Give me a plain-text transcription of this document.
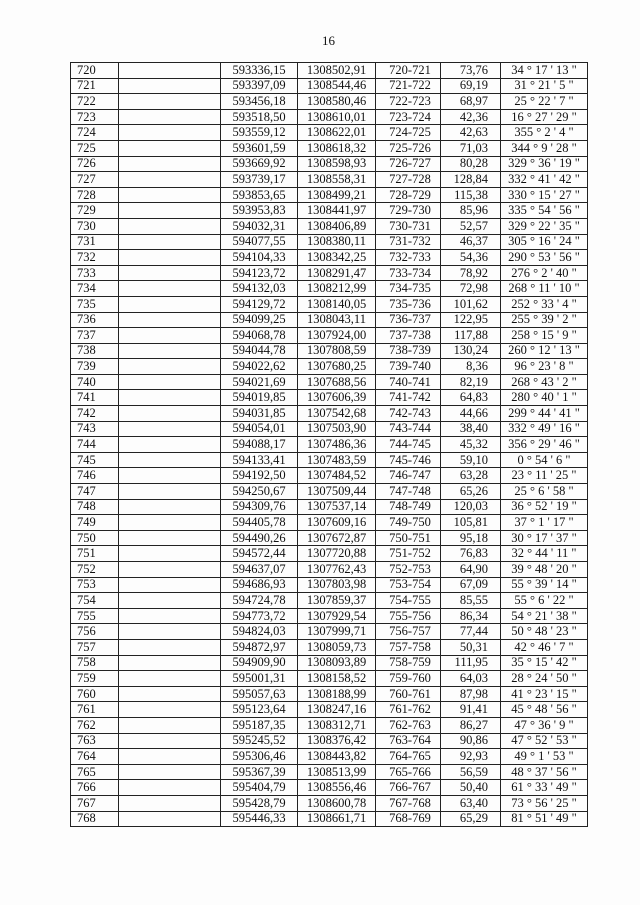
16
720		593336,15	1308502,91	720-721	73,76	34 ° 17 ' 13 "
721		593397,09	1308544,46	721-722	69,19	31 ° 21 ' 5 "
722		593456,18	1308580,46	722-723	68,97	25 ° 22 ' 7 "
723		593518,50	1308610,01	723-724	42,36	16 ° 27 ' 29 "
724		593559,12	1308622,01	724-725	42,63	355 ° 2 ' 4 "
725		593601,59	1308618,32	725-726	71,03	344 ° 9 ' 28 "
726		593669,92	1308598,93	726-727	80,28	329 ° 36 ' 19 "
727		593739,17	1308558,31	727-728	128,84	332 ° 41 ' 42 "
728		593853,65	1308499,21	728-729	115,38	330 ° 15 ' 27 "
729		593953,83	1308441,97	729-730	85,96	335 ° 54 ' 56 "
730		594032,31	1308406,89	730-731	52,57	329 ° 22 ' 35 "
731		594077,55	1308380,11	731-732	46,37	305 ° 16 ' 24 "
732		594104,33	1308342,25	732-733	54,36	290 ° 53 ' 56 "
733		594123,72	1308291,47	733-734	78,92	276 ° 2 ' 40 "
734		594132,03	1308212,99	734-735	72,98	268 ° 11 ' 10 "
735		594129,72	1308140,05	735-736	101,62	252 ° 33 ' 4 "
736		594099,25	1308043,11	736-737	122,95	255 ° 39 ' 2 "
737		594068,78	1307924,00	737-738	117,88	258 ° 15 ' 9 "
738		594044,78	1307808,59	738-739	130,24	260 ° 12 ' 13 "
739		594022,62	1307680,25	739-740	8,36	96 ° 23 ' 8 "
740		594021,69	1307688,56	740-741	82,19	268 ° 43 ' 2 "
741		594019,85	1307606,39	741-742	64,83	280 ° 40 ' 1 "
742		594031,85	1307542,68	742-743	44,66	299 ° 44 ' 41 "
743		594054,01	1307503,90	743-744	38,40	332 ° 49 ' 16 "
744		594088,17	1307486,36	744-745	45,32	356 ° 29 ' 46 "
745		594133,41	1307483,59	745-746	59,10	0 ° 54 ' 6 "
746		594192,50	1307484,52	746-747	63,28	23 ° 11 ' 25 "
747		594250,67	1307509,44	747-748	65,26	25 ° 6 ' 58 "
748		594309,76	1307537,14	748-749	120,03	36 ° 52 ' 19 "
749		594405,78	1307609,16	749-750	105,81	37 ° 1 ' 17 "
750		594490,26	1307672,87	750-751	95,18	30 ° 17 ' 37 "
751		594572,44	1307720,88	751-752	76,83	32 ° 44 ' 11 "
752		594637,07	1307762,43	752-753	64,90	39 ° 48 ' 20 "
753		594686,93	1307803,98	753-754	67,09	55 ° 39 ' 14 "
754		594724,78	1307859,37	754-755	85,55	55 ° 6 ' 22 "
755		594773,72	1307929,54	755-756	86,34	54 ° 21 ' 38 "
756		594824,03	1307999,71	756-757	77,44	50 ° 48 ' 23 "
757		594872,97	1308059,73	757-758	50,31	42 ° 46 ' 7 "
758		594909,90	1308093,89	758-759	111,95	35 ° 15 ' 42 "
759		595001,31	1308158,52	759-760	64,03	28 ° 24 ' 50 "
760		595057,63	1308188,99	760-761	87,98	41 ° 23 ' 15 "
761		595123,64	1308247,16	761-762	91,41	45 ° 48 ' 56 "
762		595187,35	1308312,71	762-763	86,27	47 ° 36 ' 9 "
763		595245,52	1308376,42	763-764	90,86	47 ° 52 ' 53 "
764		595306,46	1308443,82	764-765	92,93	49 ° 1 ' 53 "
765		595367,39	1308513,99	765-766	56,59	48 ° 37 ' 56 "
766		595404,79	1308556,46	766-767	50,40	61 ° 33 ' 49 "
767		595428,79	1308600,78	767-768	63,40	73 ° 56 ' 25 "
768		595446,33	1308661,71	768-769	65,29	81 ° 51 ' 49 "
